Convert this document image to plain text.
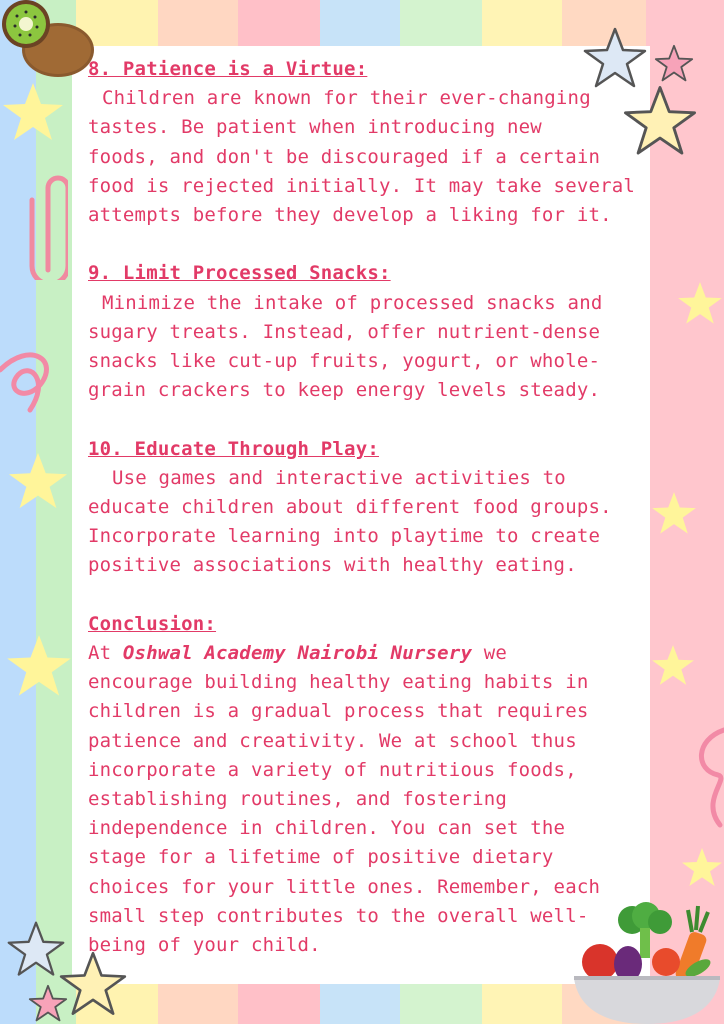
8. Patience is a Virtue:
Children are known for their ever-changing
tastes. Be patient when introducing new
foods, and don't be discouraged if a certain
food is rejected initially. It may take several
attempts before they develop a liking for it.
9. Limit Processed Snacks:
Minimize the intake of processed snacks and
sugary treats. Instead, offer nutrient-dense
snacks like cut-up fruits, yogurt, or whole-
grain crackers to keep energy levels steady.
10. Educate Through Play:
Use games and interactive activities to
educate children about different food groups.
Incorporate learning into playtime to create
positive associations with healthy eating.
Conclusion:
At Oshwal Academy Nairobi Nursery we
encourage building healthy eating habits in
children is a gradual process that requires
patience and creativity. We at school thus
incorporate a variety of nutritious foods,
establishing routines, and fostering
independence in children. You can set the
stage for a lifetime of positive dietary
choices for your little ones. Remember, each
small step contributes to the overall well-
being of your child.
